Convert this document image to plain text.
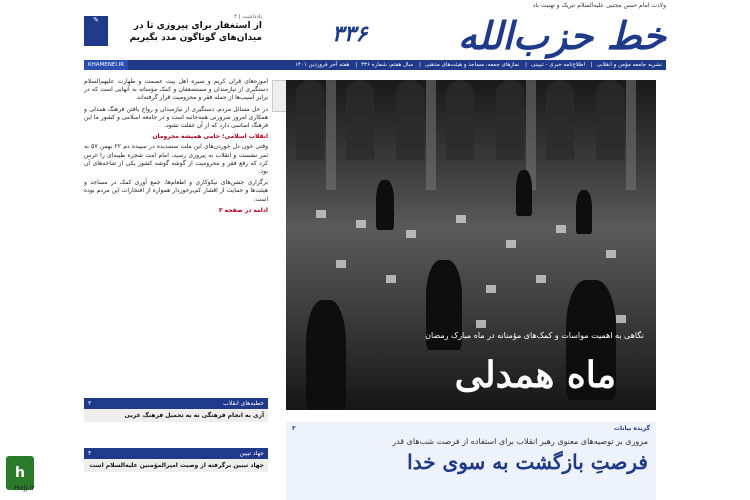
ولادت امام حسن مجتبی علیه‌السلام تبریک و تهنیت باد
خط حزب‌الله
۳۳۶
✎	یادداشت | ۲
از استغفار برای پیروزی تا در میدان‌های گوناگون مدد بگیریم
نشریه جامعه مؤمن و انقلابی| اطلاع‌نامه خبری - تبیینی| نمازهای جمعه، مساجد و هیئت‌های مذهبی| سال هفتم، شماره ۳۳۶| هفته آخر فروردین ۱۴۰۱
KHAMENEI.IR

آموزه‌های قرآن کریم و سیره اهل بیت عصمت و طهارت علیهم‌السلام دستگیری از نیازمندان و مستضعفان و کمک مؤمنانه به آنهایی است که در برابر آسیب‌ها از جمله فقر و محرومیت قرار گرفته‌اند.

در حل مسائل مردم، دستگیری از نیازمندان و رواج یافتن فرهنگ همدلی و همکاری امروز ضرورتی همه‌جانبه است و در جامعه اسلامی و کشور ما این فرهنگ اساسی دارد که از آن غفلت نشود.

انقلاب اسلامی؛ حامی همیشه محرومان

وقتی خون دل خوردن‌های این ملت ستمدیده در سپیده دم ۲۲ بهمن ۵۷ به ثمر نشست و انقلاب به پیروزی رسید، امام امت شجره طیبه‌ای را غرس کرد که رفع فقر و محرومیت از گوشه گوشه کشور یکی از شاخه‌های آن بود.

برگزاری جشن‌های نیکوکاری و اطعام‌ها، جمع آوری کمک در مساجد و هیئت‌ها و حمایت از اقشار کم‌برخوردار همواره از افتخارات این مردم بوده است.

ادامه در صفحه ۳
نگاهی به اهمیت مواسات و کمک‌های مؤمنانه در ماه مبارک رمضان
ماه همدلی
خطبه‌های انقلاب
۳
آری به انجام فرهنگی نه به تحمیل فرهنگ غربی
جهاد تبیین
۴
جهاد تبیین برگرفته از وصیت امیرالمؤمنین علیه‌السلام است
گزیده بیانات
۳
مروری بر توصیه‌های معنوی رهبر انقلاب برای استفاده از فرصت شب‌های قدر
فرصتِ بازگشت به سوی خدا
h
Hajj.ir
